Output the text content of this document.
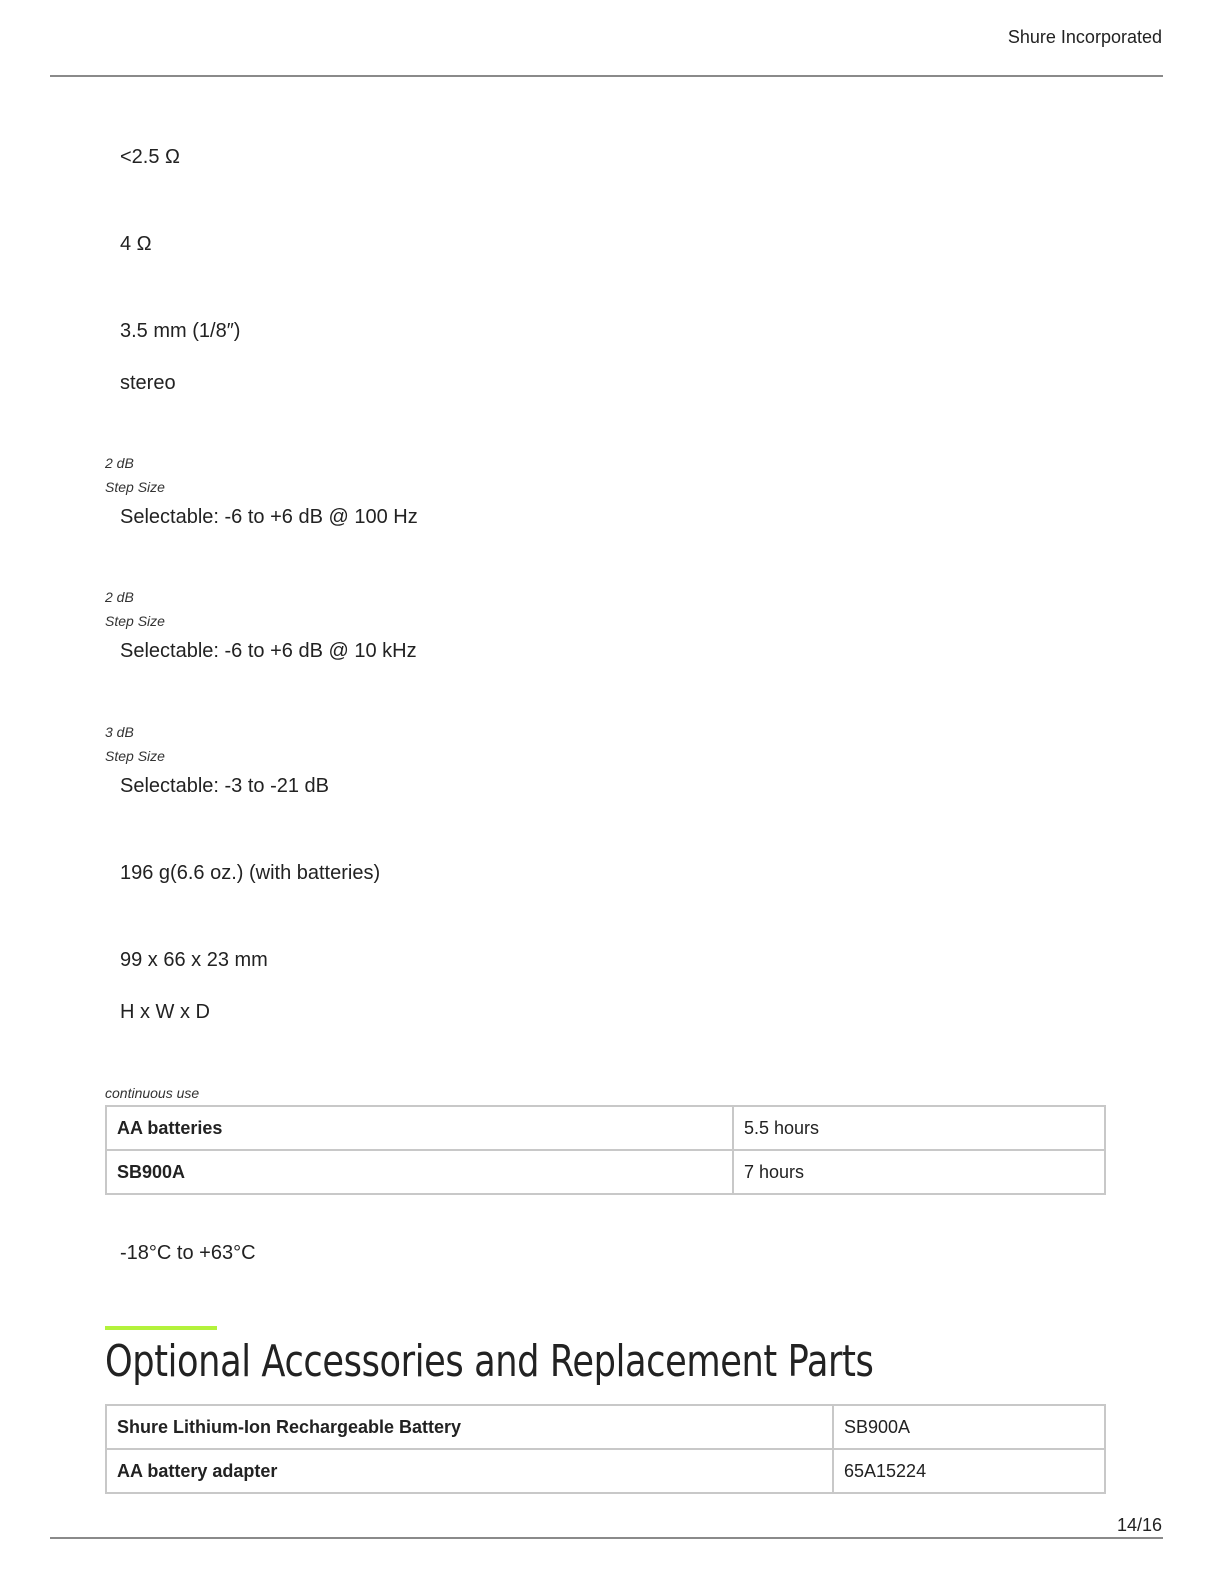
Shure Incorporated
<2.5 Ω
4 Ω
3.5 mm (1/8″)
stereo
2 dB
Step Size
Selectable: -6 to +6 dB @ 100 Hz
2 dB
Step Size
Selectable: -6 to +6 dB @ 10 kHz
3 dB
Step Size
Selectable: -3 to -21 dB
196 g(6.6 oz.) (with batteries)
99 x 66 x 23 mm
H x W x D
continuous use
AA batteries	5.5 hours
SB900A	7 hours
-18°C to +63°C
Optional Accessories and Replacement Parts
Shure Lithium-Ion Rechargeable Battery	SB900A
AA battery adapter	65A15224
14/16
